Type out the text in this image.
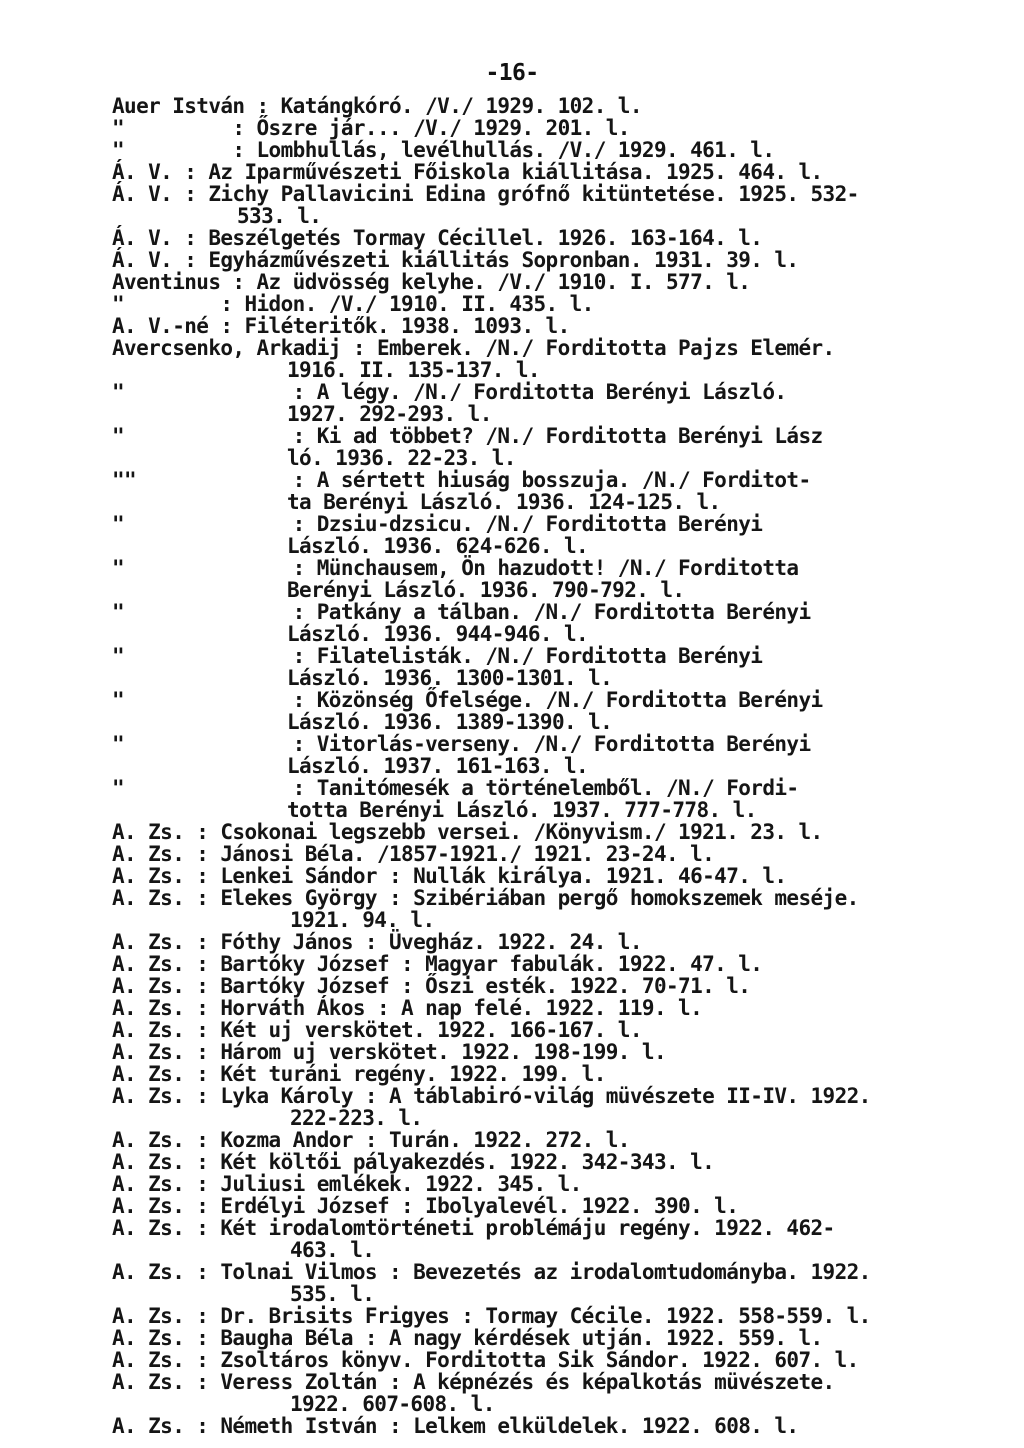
-16-
Auer István : Katángkóró. /V./ 1929. 102. l.
"         : Őszre jár... /V./ 1929. 201. l.
"         : Lombhullás, levélhullás. /V./ 1929. 461. l.
Á. V. : Az Iparművészeti Főiskola kiállitása. 1925. 464. l.
Á. V. : Zichy Pallavicini Edina grófnő kitüntetése. 1925. 532-
533. l.
Á. V. : Beszélgetés Tormay Cécillel. 1926. 163-164. l.
Á. V. : Egyházművészeti kiállitás Sopronban. 1931. 39. l.
Aventinus : Az üdvösség kelyhe. /V./ 1910. I. 577. l.
"        : Hidon. /V./ 1910. II. 435. l.
A. V.-né : Filéteritők. 1938. 1093. l.
Avercsenko, Arkadij : Emberek. /N./ Forditotta Pajzs Elemér.
1916. II. 135-137. l.
"              : A légy. /N./ Forditotta Berényi László.
1927. 292-293. l.
"              : Ki ad többet? /N./ Forditotta Berényi Lász
ló. 1936. 22-23. l.
""             : A sértett hiuság bosszuja. /N./ Forditot-
ta Berényi László. 1936. 124-125. l.
"              : Dzsiu-dzsicu. /N./ Forditotta Berényi
László. 1936. 624-626. l.
"              : Münchausem, Ön hazudott! /N./ Forditotta
Berényi László. 1936. 790-792. l.
"              : Patkány a tálban. /N./ Forditotta Berényi
László. 1936. 944-946. l.
"              : Filatelisták. /N./ Forditotta Berényi
László. 1936. 1300-1301. l.
"              : Közönség Őfelsége. /N./ Forditotta Berényi
László. 1936. 1389-1390. l.
"              : Vitorlás-verseny. /N./ Forditotta Berényi
László. 1937. 161-163. l.
"              : Tanitómesék a történelemből. /N./ Fordi-
totta Berényi László. 1937. 777-778. l.
A. Zs. : Csokonai legszebb versei. /Könyvism./ 1921. 23. l.
A. Zs. : Jánosi Béla. /1857-1921./ 1921. 23-24. l.
A. Zs. : Lenkei Sándor : Nullák királya. 1921. 46-47. l.
A. Zs. : Elekes György : Szibériában pergő homokszemek meséje.
1921. 94. l.
A. Zs. : Fóthy János : Üvegház. 1922. 24. l.
A. Zs. : Bartóky József : Magyar fabulák. 1922. 47. l.
A. Zs. : Bartóky József : Őszi esték. 1922. 70-71. l.
A. Zs. : Horváth Ákos : A nap felé. 1922. 119. l.
A. Zs. : Két uj verskötet. 1922. 166-167. l.
A. Zs. : Három uj verskötet. 1922. 198-199. l.
A. Zs. : Két turáni regény. 1922. 199. l.
A. Zs. : Lyka Károly : A táblabiró-világ müvészete II-IV. 1922.
222-223. l.
A. Zs. : Kozma Andor : Turán. 1922. 272. l.
A. Zs. : Két költői pályakezdés. 1922. 342-343. l.
A. Zs. : Juliusi emlékek. 1922. 345. l.
A. Zs. : Erdélyi József : Ibolyalevél. 1922. 390. l.
A. Zs. : Két irodalomtörténeti problémáju regény. 1922. 462-
463. l.
A. Zs. : Tolnai Vilmos : Bevezetés az irodalomtudományba. 1922.
535. l.
A. Zs. : Dr. Brisits Frigyes : Tormay Cécile. 1922. 558-559. l.
A. Zs. : Baugha Béla : A nagy kérdések utján. 1922. 559. l.
A. Zs. : Zsoltáros könyv. Forditotta Sik Sándor. 1922. 607. l.
A. Zs. : Veress Zoltán : A képnézés és képalkotás müvészete.
1922. 607-608. l.
A. Zs. : Németh István : Lelkem elküldelek. 1922. 608. l.
